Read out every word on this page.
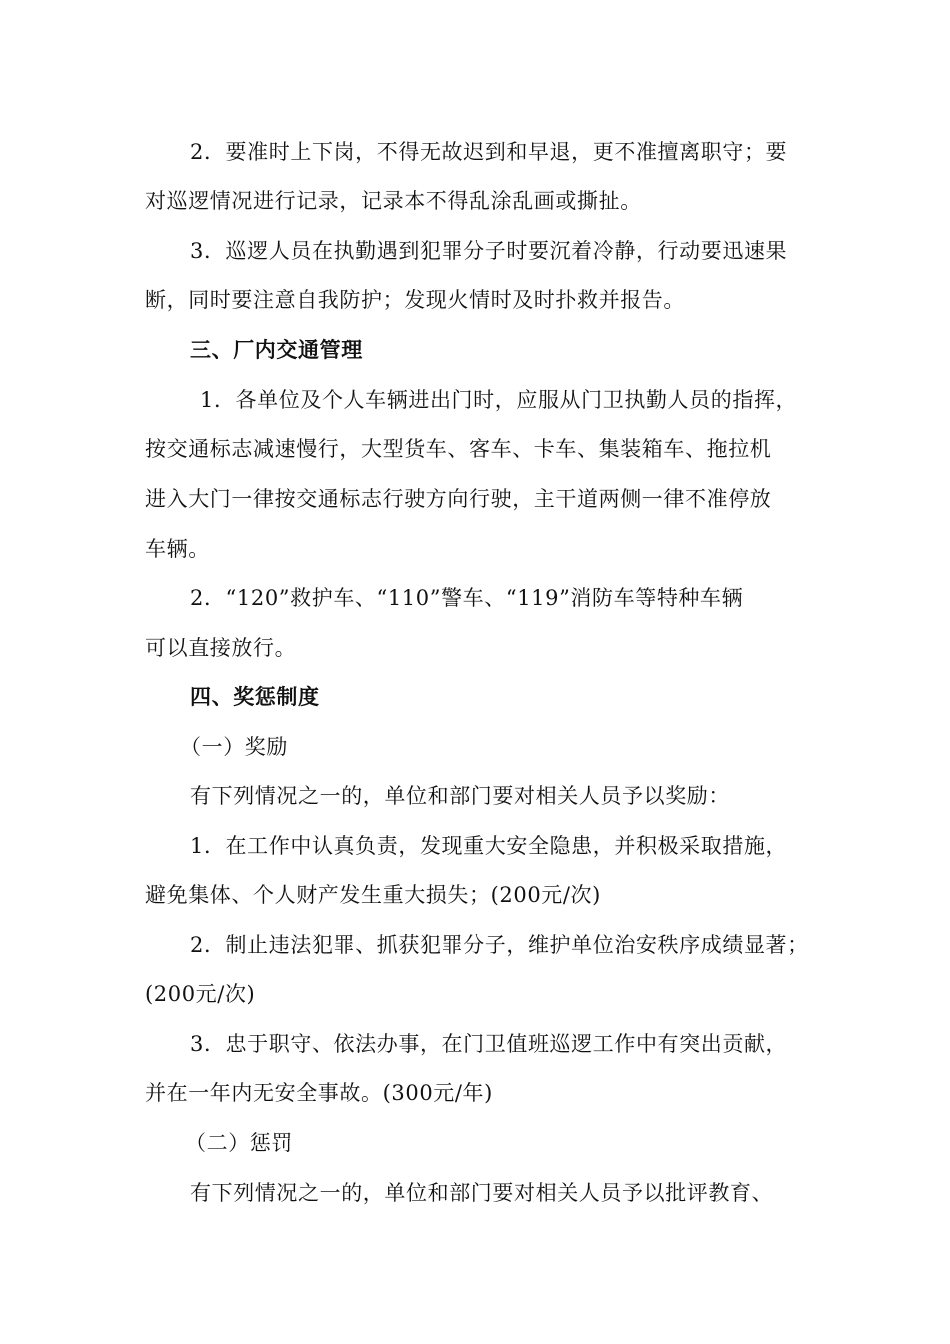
2．要准时上下岗，不得无故迟到和早退，更不准擅离职守；要
对巡逻情况进行记录，记录本不得乱涂乱画或撕扯。
3．巡逻人员在执勤遇到犯罪分子时要沉着冷静，行动要迅速果
断，同时要注意自我防护；发现火情时及时扑救并报告。
三、厂内交通管理
1．各单位及个人车辆进出门时，应服从门卫执勤人员的指挥，
按交通标志减速慢行，大型货车、客车、卡车、集装箱车、拖拉机
进入大门一律按交通标志行驶方向行驶，主干道两侧一律不准停放
车辆。
2．“120”救护车、“110”警车、“119”消防车等特种车辆
可以直接放行。
四、奖惩制度
（一）奖励
有下列情况之一的，单位和部门要对相关人员予以奖励：
1．在工作中认真负责，发现重大安全隐患，并积极采取措施，
避免集体、个人财产发生重大损失；(200元/次)
2．制止违法犯罪、抓获犯罪分子，维护单位治安秩序成绩显著；
(200元/次)
3．忠于职守、依法办事，在门卫值班巡逻工作中有突出贡献，
并在一年内无安全事故。(300元/年)
（二）惩罚
有下列情况之一的，单位和部门要对相关人员予以批评教育、
